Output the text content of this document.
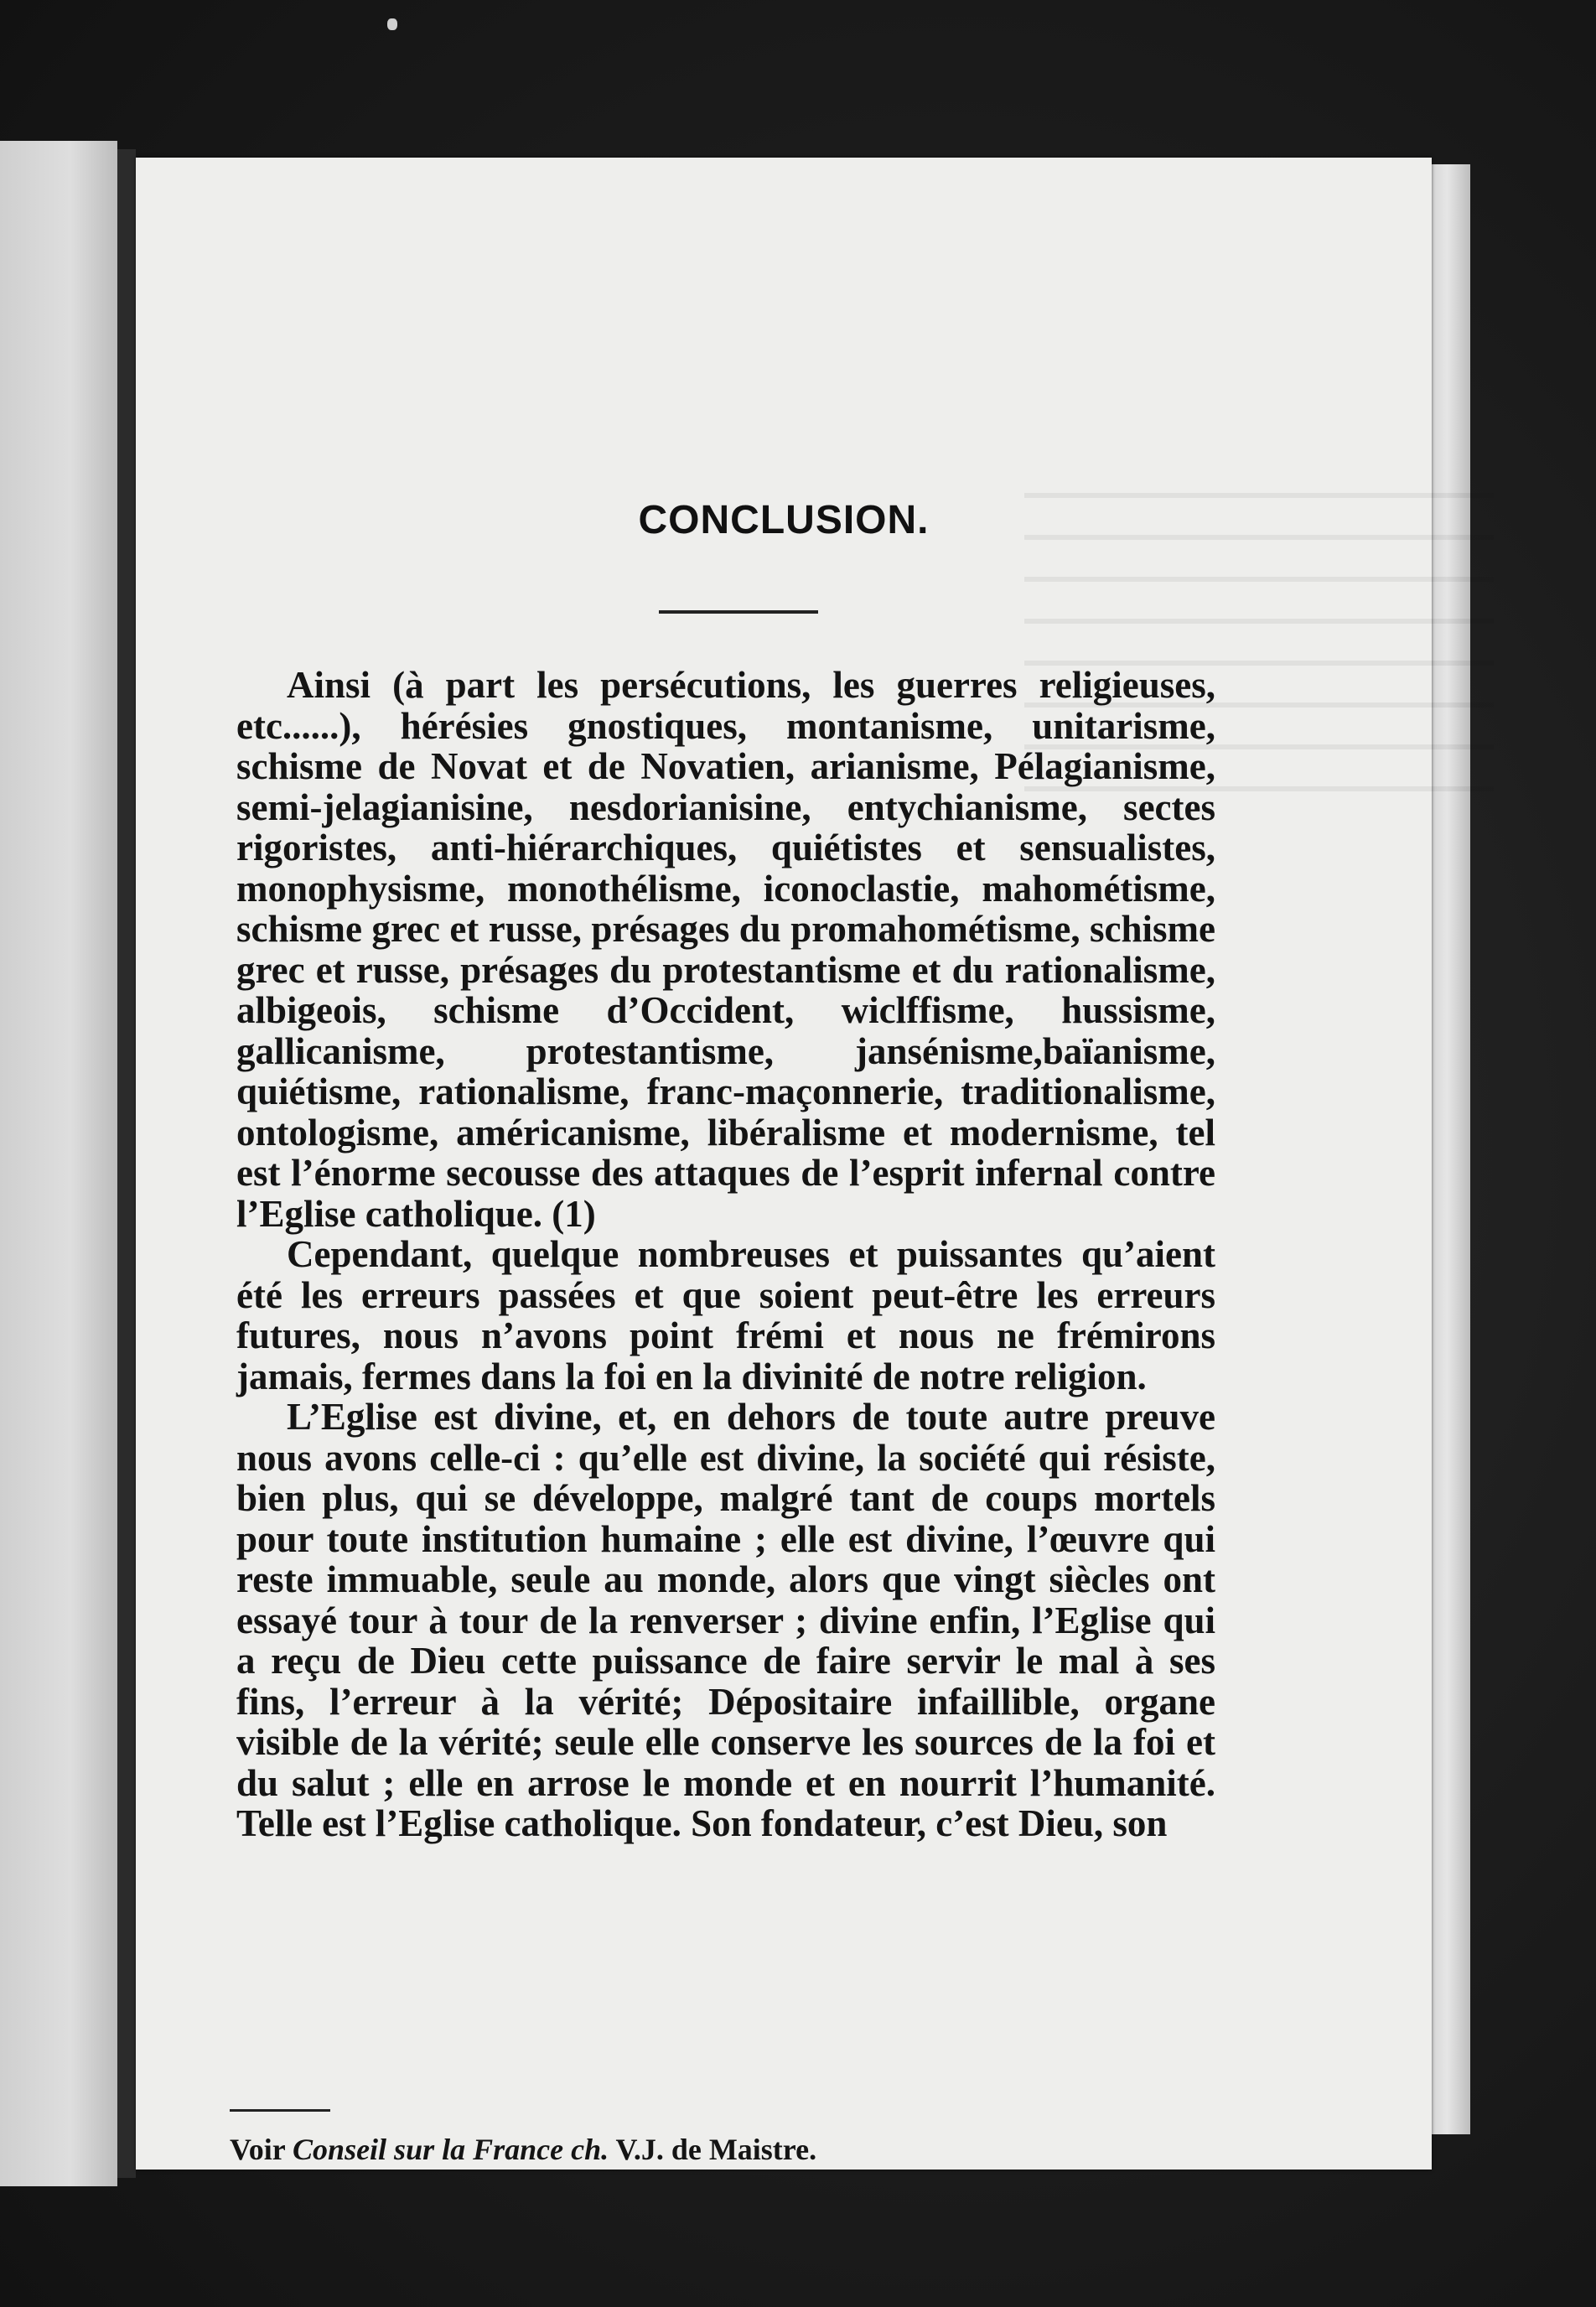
CONCLUSION.

Ainsi (à part les persécutions, les guerres religieuses, etc......), hérésies gnostiques, montanisme, unitarisme, schisme de Novat et de Novatien, arianisme, Pélagianisme, semi-jelagianisine, nesdorianisine, entychianisme, sectes rigoristes, anti-hiérarchiques, quiétistes et sensualistes, monophysisme, monothélisme, iconoclastie, mahométisme, schisme grec et russe, présages du promahométisme, schisme grec et russe, présages du protestantisme et du rationalisme, albigeois, schisme d’Occident, wiclffisme, hussisme, gallicanisme, protestantisme, jansénisme,baïanisme, quiétisme, rationalisme, franc-maçonnerie, traditionalisme, ontologisme, américanisme, libéralisme et modernisme, tel est l’énorme secousse des attaques de l’esprit infernal contre l’Eglise catholique. (1)

Cependant, quelque nombreuses et puissantes qu’aient été les erreurs passées et que soient peut-être les erreurs futures, nous n’avons point frémi et nous ne frémirons jamais, fermes dans la foi en la divinité de notre religion.

L’Eglise est divine, et, en dehors de toute autre preuve nous avons celle-ci : qu’elle est divine, la société qui résiste, bien plus, qui se développe, malgré tant de coups mortels pour toute institution humaine ; elle est divine, l’œuvre qui reste immuable, seule au monde, alors que vingt siècles ont essayé tour à tour de la renverser ; divine enfin, l’Eglise qui a reçu de Dieu cette puissance de faire servir le mal à ses fins, l’erreur à la vérité; Dépositaire infaillible, organe visible de la vérité; seule elle conserve les sources de la foi et du salut ; elle en arrose le monde et en nourrit l’humanité. Telle est l’Eglise catholique. Son fondateur, c’est Dieu, son

Voir Conseil sur la France ch. V.J. de Maistre.
